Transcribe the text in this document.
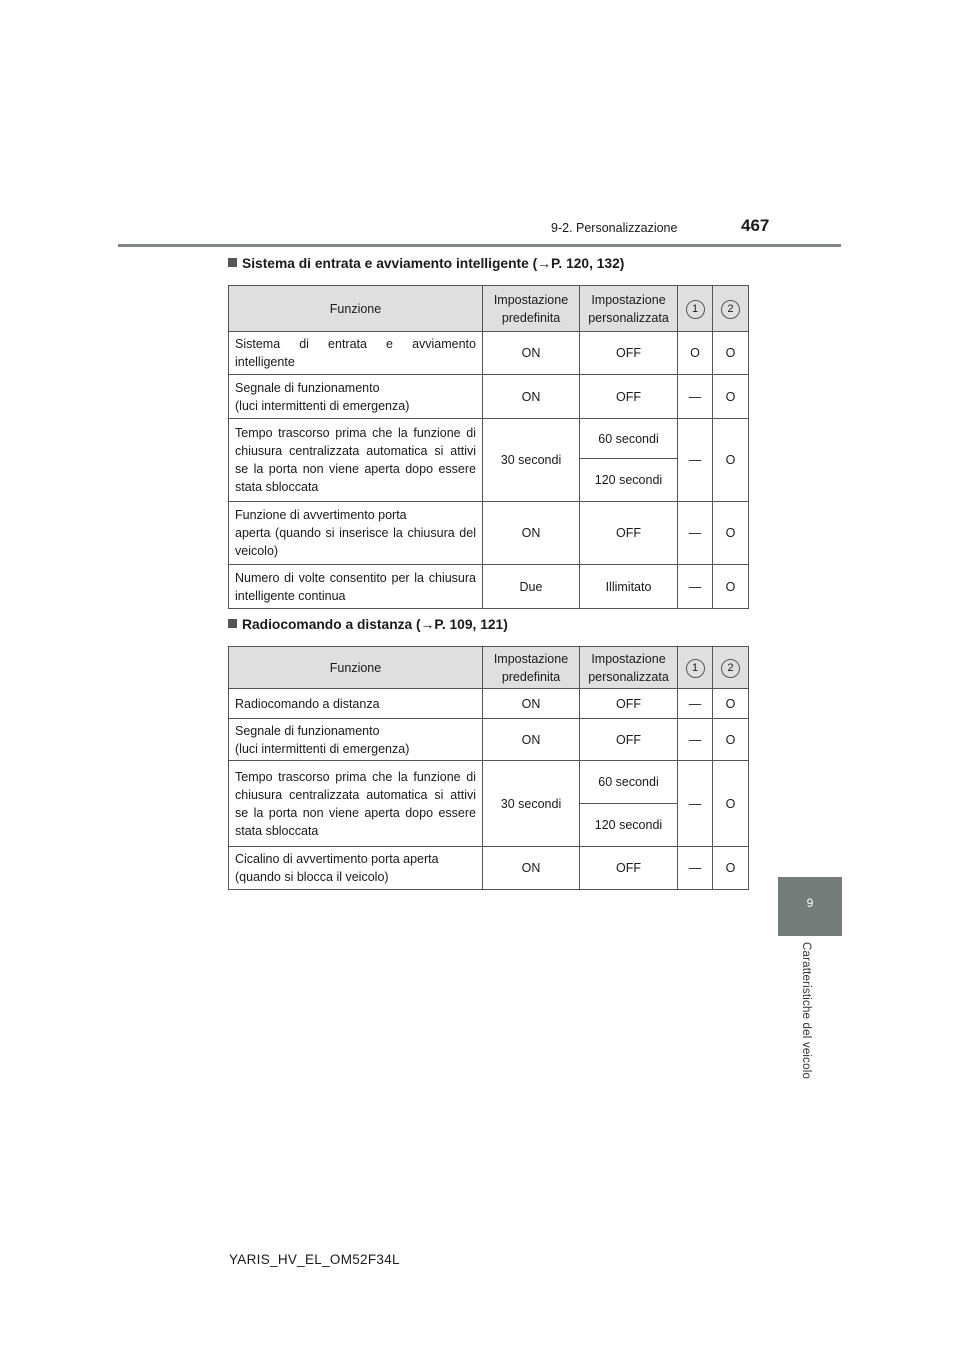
9-2. Personalizzazione	467
9
Caratteristiche del veicolo
Sistema di entrata e avviamento intelligente (→P. 120, 132)
Funzione	Impostazione predefinita	Impostazione personalizzata	1	2
Sistema di entrata e avviamento intelligente	ON	OFF	O	O
Segnale di funzionamento
(luci intermittenti di emergenza)	ON	OFF	—	O
Tempo trascorso prima che la funzione di chiusura centralizzata automatica si attivi se la porta non viene aperta dopo essere stata sbloccata	30 secondi	60 secondi	—	O
		120 secondi		
Funzione di avvertimento porta
aperta (quando si inserisce la chiusura del veicolo)	ON	OFF	—	O
Numero di volte consentito per la chiusura intelligente continua	Due	Illimitato	—	O
Radiocomando a distanza (→P. 109, 121)
Funzione	Impostazione predefinita	Impostazione personalizzata	1	2
Radiocomando a distanza	ON	OFF	—	O
Segnale di funzionamento
(luci intermittenti di emergenza)	ON	OFF	—	O
Tempo trascorso prima che la funzione di chiusura centralizzata automatica si attivi se la porta non viene aperta dopo essere stata sbloccata	30 secondi	60 secondi	—	O
		120 secondi		
Cicalino di avvertimento porta aperta
(quando si blocca il veicolo)	ON	OFF	—	O
YARIS_HV_EL_OM52F34L
